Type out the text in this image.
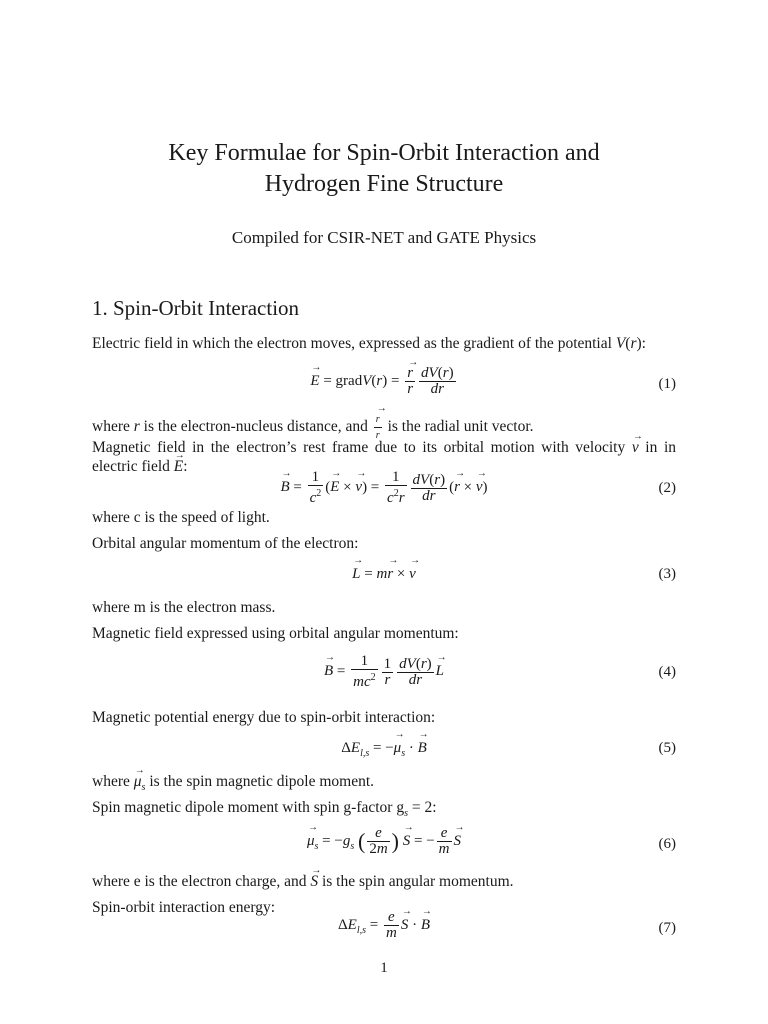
Key Formulae for Spin-Orbit Interaction and
Hydrogen Fine Structure
Compiled for CSIR-NET and GATE Physics
1. Spin-Orbit Interaction
Electric field in which the electron moves, expressed as the gradient of the potential V(r):
→ E = gradV(r) =
→ $\frac{r}{r} \frac{dV(r)}{dr}$	(1)
where r is the electron-nucleus distance, and
→ $\frac{r}{r}$ is the radial unit vector.
Magnetic field in the electron’s rest frame due to its orbital motion with velocity → v in in electric field → E:
→ $B = \frac{1}{c^2}$ (→ E × → $v) = \frac{1}{c^2r} \frac{dV(r)}{dr}$ (→ r × → v)	(2)
where c is the speed of light.
Orbital angular momentum of the electron:
→ L = m→ r × → v	(3)
where m is the electron mass.
Magnetic field expressed using orbital angular momentum:
→ $B = \frac{1}{mc^2} \frac{1}{r} \frac{dV(r)}{dr}$
→ L	(4)
Magnetic potential energy due to spin-orbit interaction:
$\Delta E_{l,s}$ = −→ $\mu_s$ · → B	(5)
where → $\mu_s$ is the spin magnetic dipole moment.
Spin magnetic dipole moment with spin g-factor $g_s = 2$:
→ $\mu_s = -g_s$ ( $\frac{e}{2m}$ ) → S = − $\frac{e}{m}$
→ S	(6)
where e is the electron charge, and → S is the spin angular momentum.
Spin-orbit interaction energy:
$\Delta E_{l,s} = \frac{e}{m}$
→ S · → B	(7)
1
